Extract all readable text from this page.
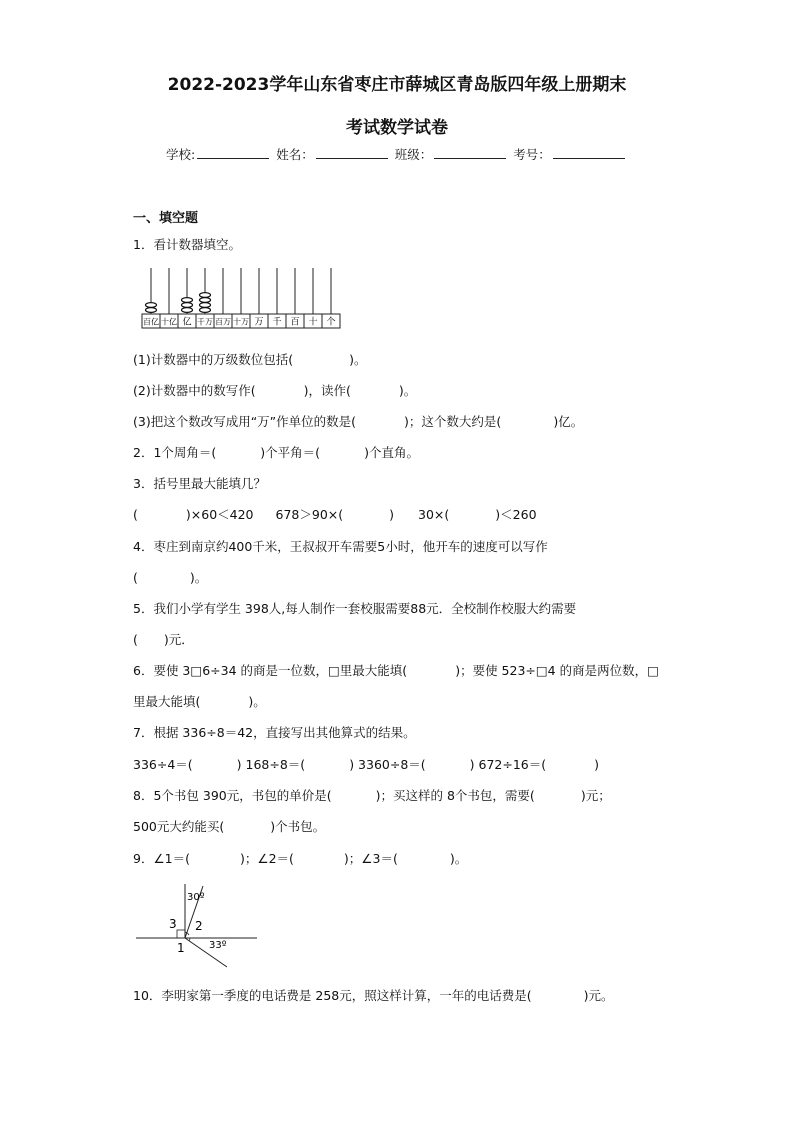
2022-2023学年山东省枣庄市薛城区青岛版四年级上册期末
考试数学试卷
学校:	姓名：	班级：	考号：
一、填空题
1．看计数器填空。
百亿 十亿 亿 千万 百万 十万 万 千 百 十 个
(1)计数器中的万级数位包括(	)。
(2)计数器中的数写作(	)，读作(	)。
(3)把这个数改写成用“万”作单位的数是(	)；这个数大约是(	)亿。
2．1个周角＝(	)个平角＝(	)个直角。
3．括号里最大能填几？
(	)×60＜420 678＞90×(	) 30×(	)＜260
4．枣庄到南京约400千米，王叔叔开车需要5小时，他开车的速度可以写作
(	)。
5．我们小学有学生 398人,每人制作一套校服需要88元．全校制作校服大约需要
( )元．
6．要使 3□6÷34 的商是一位数，□里最大能填(	)；要使 523÷□4 的商是两位数，□
里最大能填(	)。
7．根据 336÷8＝42，直接写出其他算式的结果。
336÷4＝(	) 168÷8＝(	) 3360÷8＝(	) 672÷16＝(	)
8．5个书包 390元，书包的单价是(	)；买这样的 8个书包，需要(	)元；
500元大约能买(	)个书包。
9．∠1＝(	)；∠2＝(	)；∠3＝(	)。
30º
33º
3 2
1
10．李明家第一季度的电话费是 258元，照这样计算，一年的电话费是(	)元。
